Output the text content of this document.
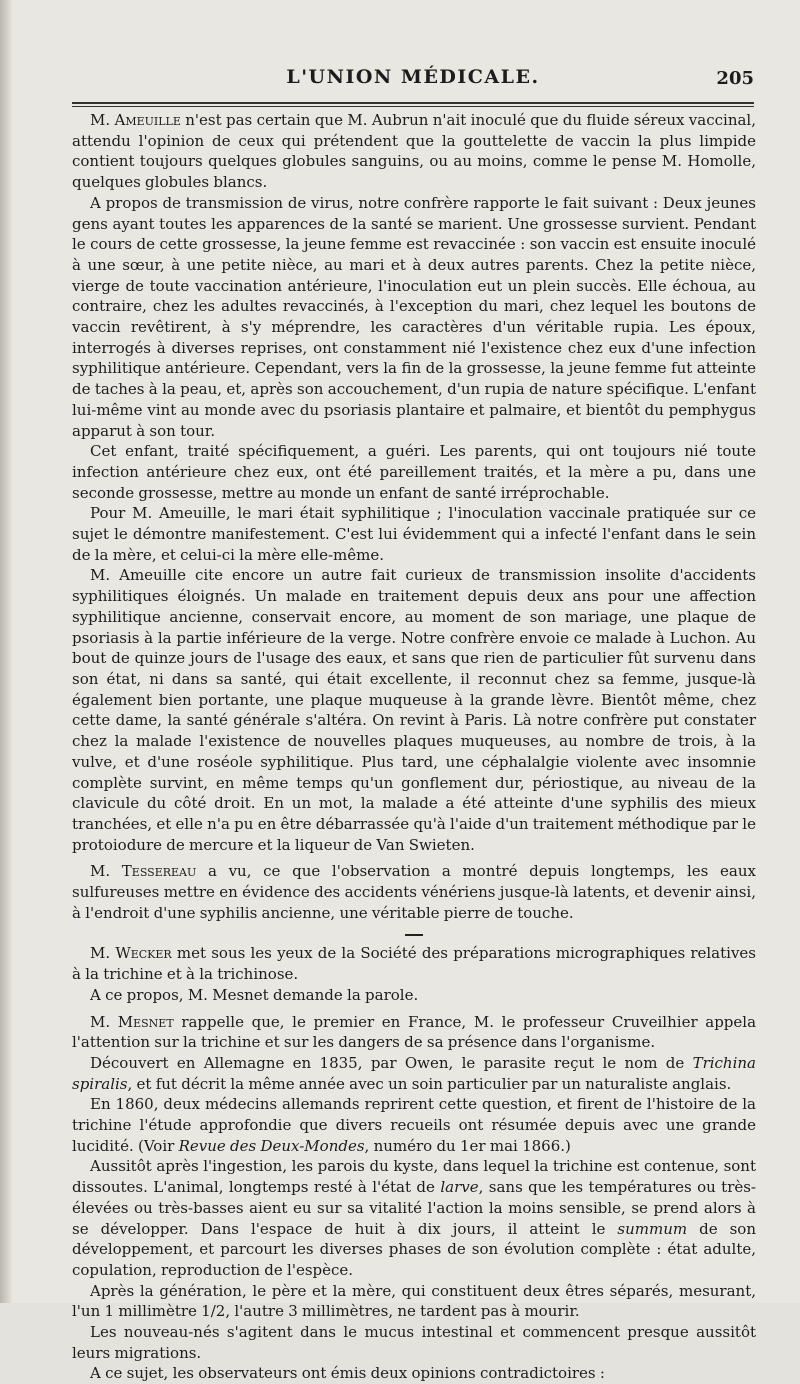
L'UNION MÉDICALE.	205

M. Ameuille n'est pas certain que M. Aubrun n'ait inoculé que du fluide séreux vaccinal, attendu l'opinion de ceux qui prétendent que la gouttelette de vaccin la plus limpide contient toujours quelques globules sanguins, ou au moins, comme le pense M. Homolle, quelques globules blancs.

A propos de transmission de virus, notre confrère rapporte le fait suivant : Deux jeunes gens ayant toutes les apparences de la santé se marient. Une grossesse survient. Pendant le cours de cette grossesse, la jeune femme est revaccinée : son vaccin est ensuite inoculé à une sœur, à une petite nièce, au mari et à deux autres parents. Chez la petite nièce, vierge de toute vaccination antérieure, l'inoculation eut un plein succès. Elle échoua, au contraire, chez les adultes revaccinés, à l'exception du mari, chez lequel les boutons de vaccin revêtirent, à s'y méprendre, les caractères d'un véritable rupia. Les époux, interrogés à diverses reprises, ont constamment nié l'existence chez eux d'une infection syphilitique antérieure. Cependant, vers la fin de la grossesse, la jeune femme fut atteinte de taches à la peau, et, après son accouchement, d'un rupia de nature spécifique. L'enfant lui-même vint au monde avec du psoriasis plantaire et palmaire, et bientôt du pemphygus apparut à son tour.

Cet enfant, traité spécifiquement, a guéri. Les parents, qui ont toujours nié toute infection antérieure chez eux, ont été pareillement traités, et la mère a pu, dans une seconde grossesse, mettre au monde un enfant de santé irréprochable.

Pour M. Ameuille, le mari était syphilitique ; l'inoculation vaccinale pratiquée sur ce sujet le démontre manifestement. C'est lui évidemment qui a infecté l'enfant dans le sein de la mère, et celui-ci la mère elle-même.

M. Ameuille cite encore un autre fait curieux de transmission insolite d'accidents syphilitiques éloignés. Un malade en traitement depuis deux ans pour une affection syphilitique ancienne, conservait encore, au moment de son mariage, une plaque de psoriasis à la partie inférieure de la verge. Notre confrère envoie ce malade à Luchon. Au bout de quinze jours de l'usage des eaux, et sans que rien de particulier fût survenu dans son état, ni dans sa santé, qui était excellente, il reconnut chez sa femme, jusque-là également bien portante, une plaque muqueuse à la grande lèvre. Bientôt même, chez cette dame, la santé générale s'altéra. On revint à Paris. Là notre confrère put constater chez la malade l'existence de nouvelles plaques muqueuses, au nombre de trois, à la vulve, et d'une roséole syphilitique. Plus tard, une céphalalgie violente avec insomnie complète survint, en même temps qu'un gonflement dur, périostique, au niveau de la clavicule du côté droit. En un mot, la malade a été atteinte d'une syphilis des mieux tranchées, et elle n'a pu en être débarrassée qu'à l'aide d'un traitement méthodique par le protoiodure de mercure et la liqueur de Van Swieten.

M. Tessereau a vu, ce que l'observation a montré depuis longtemps, les eaux sulfureuses mettre en évidence des accidents vénériens jusque-là latents, et devenir ainsi, à l'endroit d'une syphilis ancienne, une véritable pierre de touche.

M. Wecker met sous les yeux de la Société des préparations micrographiques relatives à la trichine et à la trichinose.

A ce propos, M. Mesnet demande la parole.

M. Mesnet rappelle que, le premier en France, M. le professeur Cruveilhier appela l'attention sur la trichine et sur les dangers de sa présence dans l'organisme.

Découvert en Allemagne en 1835, par Owen, le parasite reçut le nom de Trichina spiralis, et fut décrit la même année avec un soin particulier par un naturaliste anglais.

En 1860, deux médecins allemands reprirent cette question, et firent de l'histoire de la trichine l'étude approfondie que divers recueils ont résumée depuis avec une grande lucidité. (Voir Revue des Deux-Mondes, numéro du 1er mai 1866.)

Aussitôt après l'ingestion, les parois du kyste, dans lequel la trichine est contenue, sont dissoutes. L'animal, longtemps resté à l'état de larve, sans que les températures ou très-élevées ou très-basses aient eu sur sa vitalité l'action la moins sensible, se prend alors à se développer. Dans l'espace de huit à dix jours, il atteint le summum de son développement, et parcourt les diverses phases de son évolution complète : état adulte, copulation, reproduction de l'espèce.

Après la génération, le père et la mère, qui constituent deux êtres séparés, mesurant, l'un 1 millimètre 1/2, l'autre 3 millimètres, ne tardent pas à mourir.

Les nouveau-nés s'agitent dans le mucus intestinal et commencent presque aussitôt leurs migrations.

A ce sujet, les observateurs ont émis deux opinions contradictoires :
